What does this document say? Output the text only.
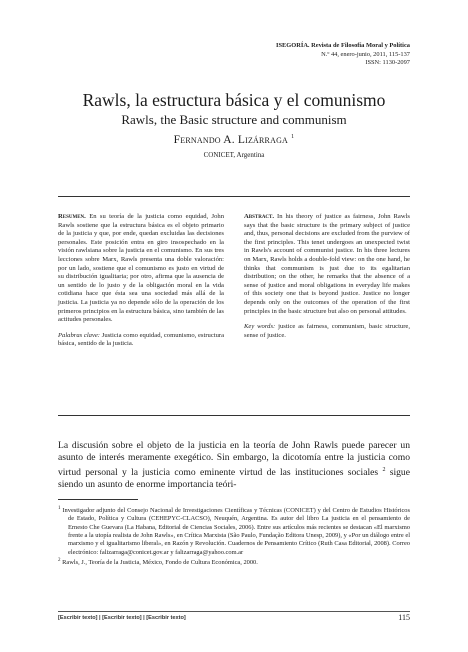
ISEGORÍA. Revista de Filosofía Moral y Política
N.º 44, enero-junio, 2011, 115-137
ISSN: 1130-2097
Rawls, la estructura básica y el comunismo
Rawls, the Basic structure and communism
Fernando A. Lizárraga $^1$
CONICET, Argentina

Resumen. En su teoría de la justicia como equidad, John Rawls sostiene que la estructura básica es el objeto primario de la justicia y que, por ende, quedan excluidas las decisiones personales. Este posición entra en giro insospechado en la visión rawlsiana sobre la justicia en el comunismo. En sus tres lecciones sobre Marx, Rawls presenta una doble valoración: por un lado, sostiene que el comunismo es justo en virtud de su distribución igualitaria; por otro, afirma que la ausencia de un sentido de lo justo y de la obligación moral en la vida cotidiana hace que ésta sea una sociedad más allá de la justicia. La justicia ya no depende sólo de la operación de los primeros principios en la estructura básica, sino también de las actitudes personales.

Palabras clave: Justicia como equidad, comunismo, estructura básica, sentido de la justicia.

Abstract. In his theory of justice as fairness, John Rawls says that the basic structure is the primary subject of justice and, thus, personal decisions are excluded from the purview of the first principles. This tenet undergoes an unexpected twist in Rawls's account of communist justice. In his three lectures on Marx, Rawls holds a double-fold view: on the one hand, he thinks that communism is just due to its egalitarian distribution; on the other, he remarks that the absence of a sense of justice and moral obligations in everyday life makes of this society one that is beyond justice. Justice no longer depends only on the outcomes of the operation of the first principles in the basic structure but also on personal attitudes.

Key words: justice as fairness, communism, basic structure, sense of justice.

La discusión sobre el objeto de la justicia en la teoría de John Rawls puede parecer un asunto de interés meramente exegético. Sin embargo, la dicotomía entre la justicia como virtud personal y la justicia como eminente virtud de las instituciones sociales $^2$ sigue siendo un asunto de enorme importancia teóri-

$^1$ Investigador adjunto del Consejo Nacional de Investigaciones Científicas y Técnicas (CONICET) y del Centro de Estudios Históricos de Estado, Política y Cultura (CEHEPYC-CLACSO), Neuquén, Argentina. Es autor del libro La justicia en el pensamiento de Ernesto Che Guevara (La Habana, Editorial de Ciencias Sociales, 2006). Entre sus artículos más recientes se destacan «El marxismo frente a la utopía realista de John Rawls», en Crítica Marxista (São Paulo, Fundação Editora Unesp, 2009), y «Por un diálogo entre el marxismo y el igualitarismo liberal», en Razón y Revolución. Cuadernos de Pensamiento Crítico (Ruth Casa Editorial, 2008). Correo electrónico: falizarraga@conicet.gov.ar y falizarraga@yahoo.com.ar

$^2$ Rawls, J., Teoría de la Justicia, México, Fondo de Cultura Económica, 2000.

[Escribir texto] | [Escribir texto] | [Escribir texto]	115
